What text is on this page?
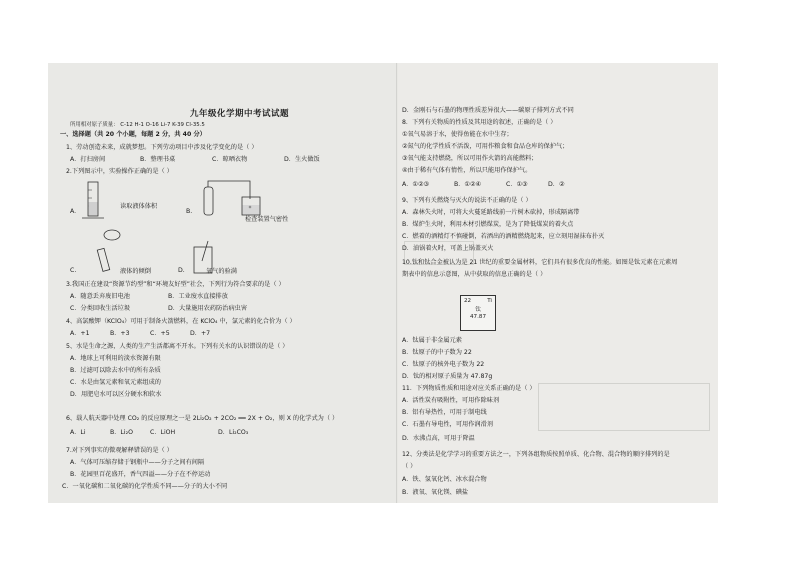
九年级化学期中考试试题
所用相对原子质量： C-12 H-1 O-16 Li-7 K-39 Cl-35.5
一、选择题（共 20 个小题，每题 2 分，共 40 分）
1、劳动创造未来，成就梦想。下列劳动项目中涉及化学变化的是（ ）
A．打扫房间	B．整理书桌	C．晾晒衣物	D．生火做饭
2.下列图示中，实验操作正确的是（ ）
A.
读取液体体积
B.
检查装置气密性
C.	液体的倾倒	D.	氧气的验满
3.我国正在建设“资源节约型”和“环境友好型”社会，下列行为符合要求的是（ ）
A．随意丢弃废旧电池	B．工业废水直接排放
C．分类回收生活垃圾	D．大量施用农药防治病虫害
4、高氯酸钾（KClO₄）可用于制备火箭燃料，在 KClO₄ 中，氯元素的化合价为（ ）
A．+1	B．+3	C．+5	D．+7
5、水是生命之源，人类的生产生活都离不开水。下列有关水的认识错误的是（ ）
A．地球上可利用的淡水资源有限
B．过滤可以除去水中的所有杂质
C．水是由氢元素和氧元素组成的
D．用肥皂水可以区分硬水和软水
6、载人航天器中处理 CO₂ 的反应原理之一是 2Li₂O₂ + 2CO₂ ══ 2X + O₂，则 X 的化学式为（ ）
A．Li	B．Li₂O	C．LiOH	D．Li₂CO₃
7.对下列事实的微观解释错误的是（ ）
A．气体可压缩存储于钢瓶中——分子之间有间隔
B．花园里百花盛开，香气四溢——分子在不停运动
C．一氧化碳和二氧化碳的化学性质不同——分子的大小不同
D．金刚石与石墨的物理性质差异很大——碳原子排列方式不同
8．下列有关物质的性质及其用途的叙述，正确的是（ ）
①氧气易溶于水，使得鱼能在水中生存；
②氮气的化学性质不活泼，可用作粮食和食品仓库的保护气；
③氧气能支持燃烧，所以可用作火箭的高能燃料；
④由于稀有气体有惰性，所以只能用作保护气。
A．①②③	B．①②④	C．①③	D．②
9、下列有关燃烧与灭火的说法不正确的是（ ）
A．森林失火时，可将大火蔓延路线前一片树木砍掉，形成隔离带
B．煤炉生火时，利用木材引燃煤炭，是为了降低煤炭的着火点
C．燃着的酒精灯不慎碰倒，若洒出的酒精燃烧起来，应立刻用湿抹布扑灭
D．油锅着火时，可盖上锅盖灭火
10.钛和钛合金被认为是 21 世纪的重要金属材料，它们具有很多优良的性能。如图是钛元素在元素周
期表中的信息示意图，从中获取的信息正确的是（ ）
22	Ti
钛
47.87
A．钛属于非金属元素
B．钛原子的中子数为 22
C．钛原子的核外电子数为 22
D．钛的相对原子质量为 47.87g
11．下列物质性质和用途对应关系正确的是（ ）
A．活性炭有吸附性，可用作除味剂
B．铝有导热性，可用于制电线
C．石墨有导电性，可用作润滑剂
D．水沸点高，可用于降温
12、分类法是化学学习的重要方法之一，下列各组物质按照单质、化合物、混合物的顺序排列的是
（ ）
A．铁、氢氧化钙、冰水混合物
B．液氧、氧化镁、碘盐
